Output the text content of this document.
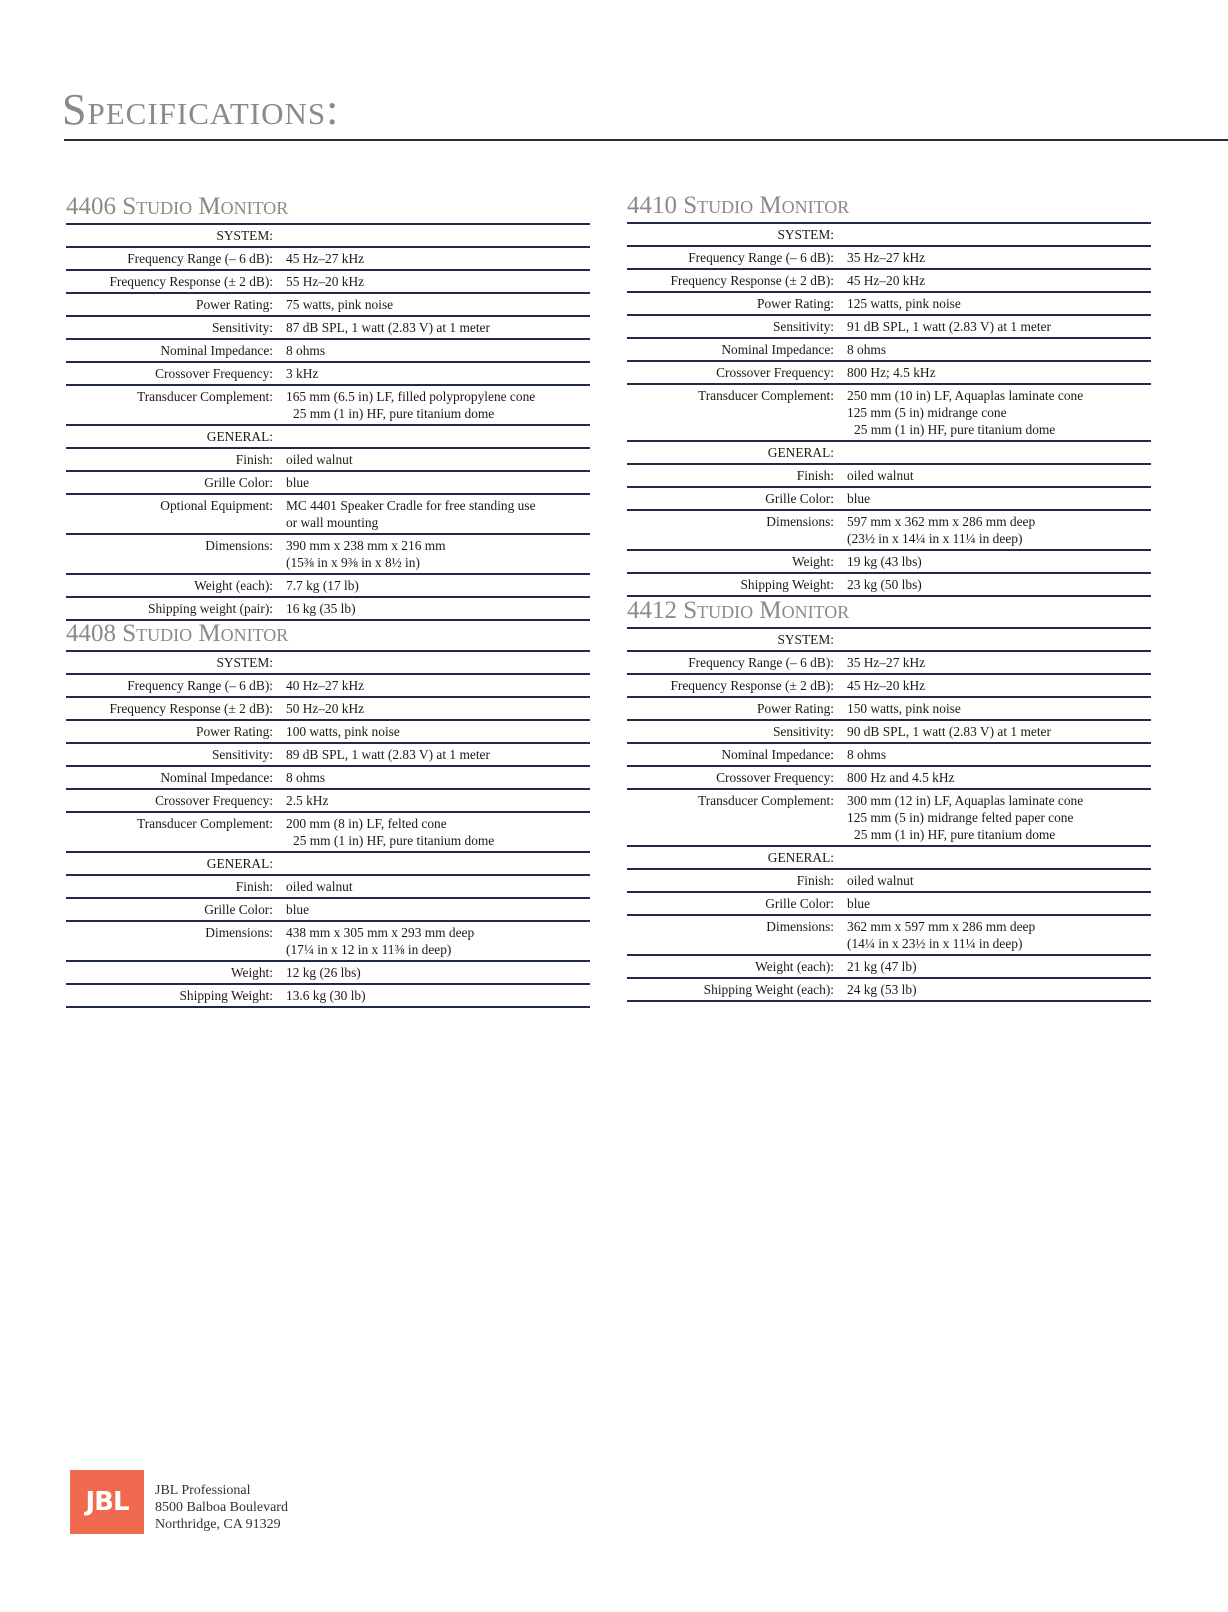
Specifications:
4406 Studio Monitor
SYSTEM:	
Frequency Range (– 6 dB):	45 Hz–27 kHz

Frequency Response (± 2 dB):	55 Hz–20 kHz

Power Rating:	75 watts, pink noise

Sensitivity:	87 dB SPL, 1 watt (2.83 V) at 1 meter

Nominal Impedance:	8 ohms

Crossover Frequency:	3 kHz

Transducer Complement:	165 mm (6.5 in) LF, filled polypropylene cone
25 mm (1 in) HF, pure titanium dome

GENERAL:	
Finish:	oiled walnut

Grille Color:	blue

Optional Equipment:	MC 4401 Speaker Cradle for free standing use
or wall mounting

Dimensions:	390 mm x 238 mm x 216 mm
(15⅜ in x 9⅜ in x 8½ in)

Weight (each):	7.7 kg (17 lb)

Shipping weight (pair):	16 kg (35 lb)
4410 Studio Monitor
SYSTEM:	
Frequency Range (– 6 dB):	35 Hz–27 kHz

Frequency Response (± 2 dB):	45 Hz–20 kHz

Power Rating:	125 watts, pink noise

Sensitivity:	91 dB SPL, 1 watt (2.83 V) at 1 meter

Nominal Impedance:	8 ohms

Crossover Frequency:	800 Hz; 4.5 kHz

Transducer Complement:	250 mm (10 in) LF, Aquaplas laminate cone
125 mm (5 in) midrange cone
25 mm (1 in) HF, pure titanium dome

GENERAL:	
Finish:	oiled walnut

Grille Color:	blue

Dimensions:	597 mm x 362 mm x 286 mm deep
(23½ in x 14¼ in x 11¼ in deep)

Weight:	19 kg (43 lbs)

Shipping Weight:	23 kg (50 lbs)
4408 Studio Monitor
SYSTEM:	
Frequency Range (– 6 dB):	40 Hz–27 kHz

Frequency Response (± 2 dB):	50 Hz–20 kHz

Power Rating:	100 watts, pink noise

Sensitivity:	89 dB SPL, 1 watt (2.83 V) at 1 meter

Nominal Impedance:	8 ohms

Crossover Frequency:	2.5 kHz

Transducer Complement:	200 mm (8 in) LF, felted cone
25 mm (1 in) HF, pure titanium dome

GENERAL:	
Finish:	oiled walnut

Grille Color:	blue

Dimensions:	438 mm x 305 mm x 293 mm deep
(17¼ in x 12 in x 11⅜ in deep)

Weight:	12 kg (26 lbs)

Shipping Weight:	13.6 kg (30 lb)
4412 Studio Monitor
SYSTEM:	
Frequency Range (– 6 dB):	35 Hz–27 kHz

Frequency Response (± 2 dB):	45 Hz–20 kHz

Power Rating:	150 watts, pink noise

Sensitivity:	90 dB SPL, 1 watt (2.83 V) at 1 meter

Nominal Impedance:	8 ohms

Crossover Frequency:	800 Hz and 4.5 kHz

Transducer Complement:	300 mm (12 in) LF, Aquaplas laminate cone
125 mm (5 in) midrange felted paper cone
25 mm (1 in) HF, pure titanium dome

GENERAL:	
Finish:	oiled walnut

Grille Color:	blue

Dimensions:	362 mm x 597 mm x 286 mm deep
(14¼ in x 23½ in x 11¼ in deep)

Weight (each):	21 kg (47 lb)

Shipping Weight (each):	24 kg (53 lb)
JBL	JBL Professional
8500 Balboa Boulevard
Northridge, CA 91329
